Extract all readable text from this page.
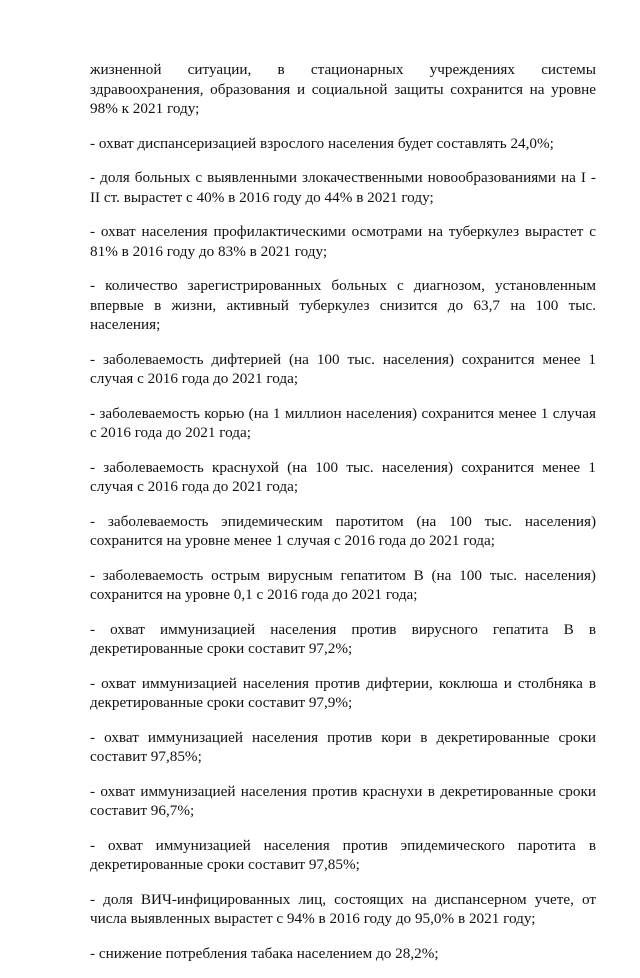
жизненной ситуации, в стационарных учреждениях системы здравоохранения, образования и социальной защиты сохранится на уровне 98% к 2021 году;

- охват диспансеризацией взрослого населения будет составлять 24,0%;

- доля больных с выявленными злокачественными новообразованиями на I - II ст. вырастет с 40% в 2016 году до 44% в 2021 году;

- охват населения профилактическими осмотрами на туберкулез вырастет с 81% в 2016 году до 83% в 2021 году;

- количество зарегистрированных больных с диагнозом, установленным впервые в жизни, активный туберкулез снизится до 63,7 на 100 тыс. населения;

- заболеваемость дифтерией (на 100 тыс. населения) сохранится менее 1 случая с 2016 года до 2021 года;

- заболеваемость корью (на 1 миллион населения) сохранится менее 1 случая с 2016 года до 2021 года;

- заболеваемость краснухой (на 100 тыс. населения) сохранится менее 1 случая с 2016 года до 2021 года;

- заболеваемость эпидемическим паротитом (на 100 тыс. населения) сохранится на уровне менее 1 случая с 2016 года до 2021 года;

- заболеваемость острым вирусным гепатитом В (на 100 тыс. населения) сохранится на уровне 0,1 с 2016 года до 2021 года;

- охват иммунизацией населения против вирусного гепатита В в декретированные сроки составит 97,2%;

- охват иммунизацией населения против дифтерии, коклюша и столбняка в декретированные сроки составит 97,9%;

- охват иммунизацией населения против кори в декретированные сроки составит 97,85%;

- охват иммунизацией населения против краснухи в декретированные сроки составит 96,7%;

- охват иммунизацией населения против эпидемического паротита в декретированные сроки составит 97,85%;

- доля ВИЧ-инфицированных лиц, состоящих на диспансерном учете, от числа выявленных вырастет с 94% в 2016 году до 95,0% в 2021 году;

- снижение потребления табака населением до 28,2%;
